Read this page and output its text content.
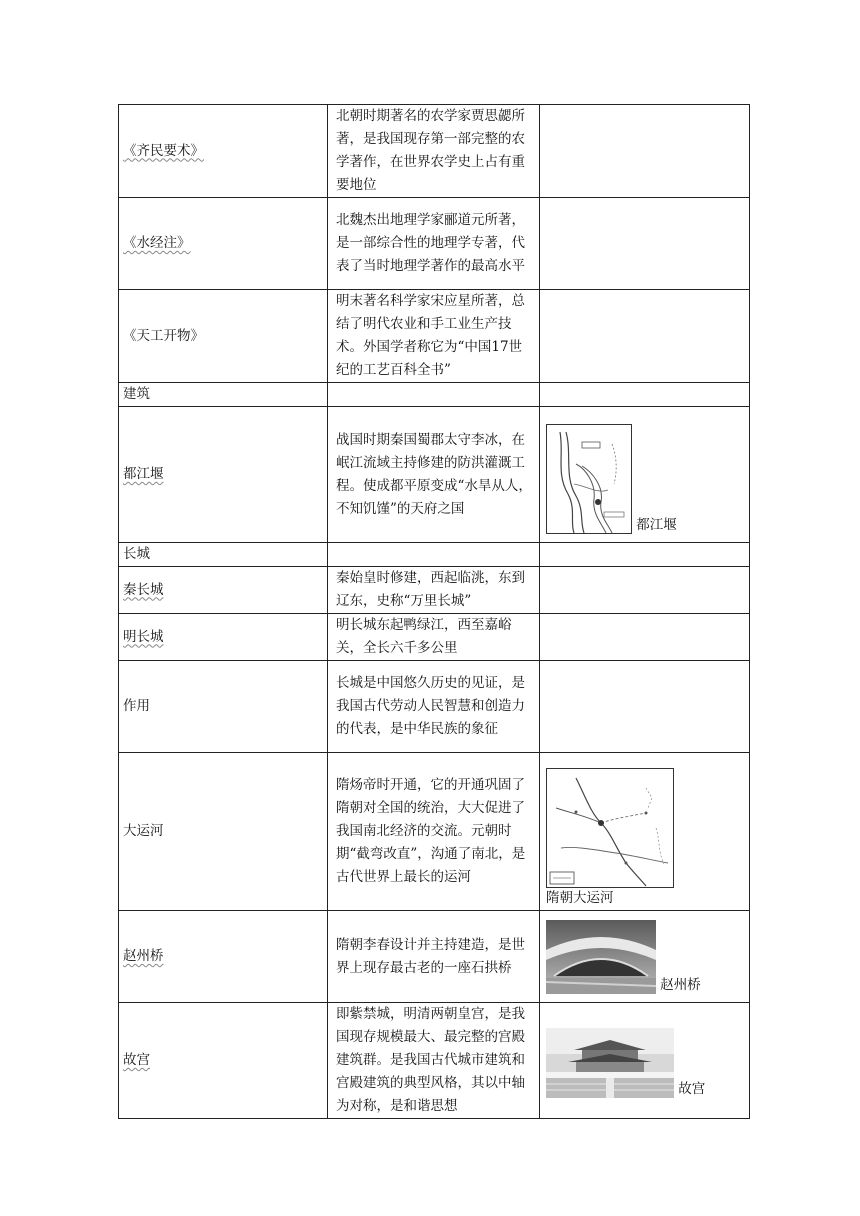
《齐民要术》	北朝时期著名的农学家贾思勰所著，是我国现存第一部完整的农学著作，在世界农学史上占有重要地位	
《水经注》	北魏杰出地理学家郦道元所著，是一部综合性的地理学专著，代表了当时地理学著作的最高水平	
《天工开物》	明末著名科学家宋应星所著，总结了明代农业和手工业生产技术。外国学者称它为“中国17世纪的工艺百科全书”	
建筑		
都江堰	战国时期秦国蜀郡太守李冰，在岷江流域主持修建的防洪灌溉工程。使成都平原变成“水旱从人，不知饥馑”的天府之国	都江堰
长城		
秦长城	秦始皇时修建，西起临洮，东到辽东，史称“万里长城”	
明长城	明长城东起鸭绿江，西至嘉峪关，全长六千多公里	
作用	长城是中国悠久历史的见证，是我国古代劳动人民智慧和创造力的代表，是中华民族的象征	
大运河	隋炀帝时开通，它的开通巩固了隋朝对全国的统治，大大促进了我国南北经济的交流。元朝时期“截弯改直”，沟通了南北，是古代世界上最长的运河	隋朝大运河

赵州桥	隋朝李春设计并主持建造，是世界上现存最古老的一座石拱桥	赵州桥
故宫	即紫禁城，明清两朝皇宫，是我国现存规模最大、最完整的宫殿建筑群。是我国古代城市建筑和宫殿建筑的典型风格，其以中轴为对称，是和谐思想	故宫
